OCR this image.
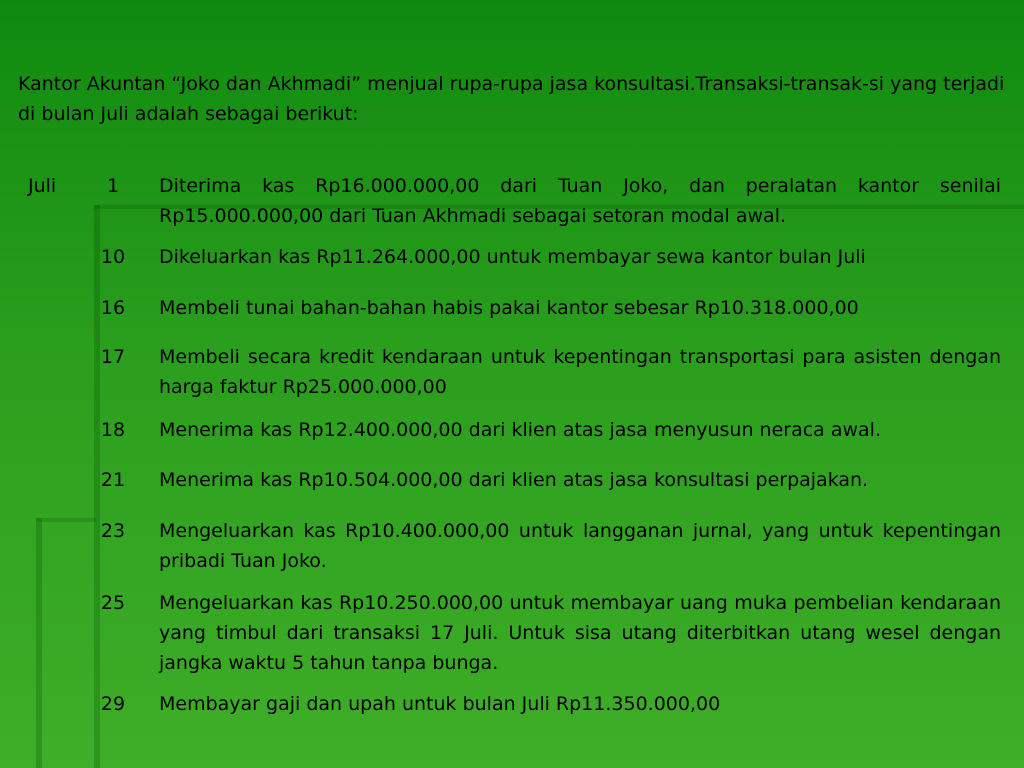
Kantor Akuntan “Joko dan Akhmadi” menjual rupa-rupa jasa konsultasi.Transaksi-transak-si yang terjadi di bulan Juli adalah sebagai berikut:

Juli	1	Diterima kas Rp16.000.000,00 dari Tuan Joko, dan peralatan kantor senilai Rp15.000.000,00 dari Tuan Akhmadi sebagai setoran modal awal.

10	Dikeluarkan kas Rp11.264.000,00 untuk membayar sewa kantor bulan Juli

16	Membeli tunai bahan-bahan habis pakai kantor sebesar Rp10.318.000,00

17	Membeli secara kredit kendaraan untuk kepentingan transportasi para asisten dengan harga faktur Rp25.000.000,00

18	Menerima kas Rp12.400.000,00 dari klien atas jasa menyusun neraca awal.

21	Menerima kas Rp10.504.000,00 dari klien atas jasa konsultasi perpajakan.

23	Mengeluarkan kas Rp10.400.000,00 untuk langganan jurnal, yang untuk kepentingan pribadi Tuan Joko.

25	Mengeluarkan kas Rp10.250.000,00 untuk membayar uang muka pembelian kendaraan yang timbul dari transaksi 17 Juli. Untuk sisa utang diterbitkan utang wesel dengan jangka waktu 5 tahun tanpa bunga.

29	Membayar gaji dan upah untuk bulan Juli Rp11.350.000,00
